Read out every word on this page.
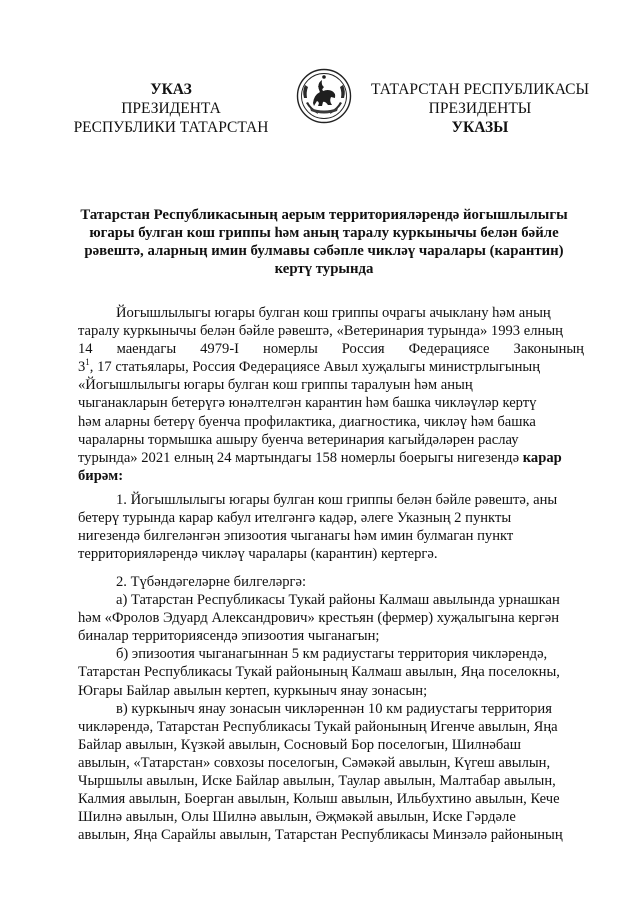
УКАЗ
ПРЕЗИДЕНТА
РЕСПУБЛИКИ ТАТАРСТАН
ТАТАРСТАН РЕСПУБЛИКАСЫ
ПРЕЗИДЕНТЫ
УКАЗЫ
Татарстан Республикасының аерым территорияләрендә йогышлылыгы
югары булган кош гриппы һәм аның таралу куркынычы белән бәйле
рәвештә, аларның имин булмавы сәбәпле чикләү чаралары (карантин)
кертү турында
Йогышлылыгы югары булган кош гриппы очрагы ачыклану һәм аның
таралу куркынычы белән бәйле рәвештә, «Ветеринария турында» 1993 елның
14 маендагы 4979-I номерлы Россия Федерациясе Законының
$3^1$, 17 статьялары, Россия Федерациясе Авыл хуҗалыгы министрлыгының
«Йогышлылыгы югары булган кош гриппы таралуын һәм аның
чыганакларын бетерүгә юнәлтелгән карантин һәм башка чикләүләр кертү
һәм аларны бетерү буенча профилактика, диагностика, чикләү һәм башка
чараларны тормышка ашыру буенча ветеринария кагыйдәләрен раслау
турында» 2021 елның 24 мартындагы 158 номерлы боерыгы нигезендә карар
бирәм:
1. Йогышлылыгы югары булган кош гриппы белән бәйле рәвештә, аны
бетерү турында карар кабул ителгәнгә кадәр, әлеге Указның 2 пункты
нигезендә билгеләнгән эпизоотия чыганагы һәм имин булмаган пункт
территорияләрендә чикләү чаралары (карантин) кертергә.
2. Түбәндәгеләрне билгеләргә:
а) Татарстан Республикасы Тукай районы Калмаш авылында урнашкан
һәм «Фролов Эдуард Александрович» крестьян (фермер) хуҗалыгына кергән
биналар территориясендә эпизоотия чыганагын;
б) эпизоотия чыганагыннан 5 км радиустагы территория чикләрендә,
Татарстан Республикасы Тукай районының Калмаш авылын, Яңа поселокны,
Югары Байлар авылын кертеп, куркыныч янау зонасын;
в) куркыныч янау зонасын чикләреннән 10 км радиустагы территория
чикләрендә, Татарстан Республикасы Тукай районының Игенче авылын, Яңа
Байлар авылын, Күзкәй авылын, Сосновый Бор поселогын, Шилнәбаш
авылын, «Татарстан» совхозы поселогын, Сәмәкәй авылын, Күгеш авылын,
Чыршылы авылын, Иске Байлар авылын, Таулар авылын, Малтабар авылын,
Калмия авылын, Боерган авылын, Колыш авылын, Ильбухтино авылын, Кече
Шилнә авылын, Олы Шилнә авылын, Әҗмәкәй авылын, Иске Гәрдәле
авылын, Яңа Сарайлы авылын, Татарстан Республикасы Минзәлә районының
